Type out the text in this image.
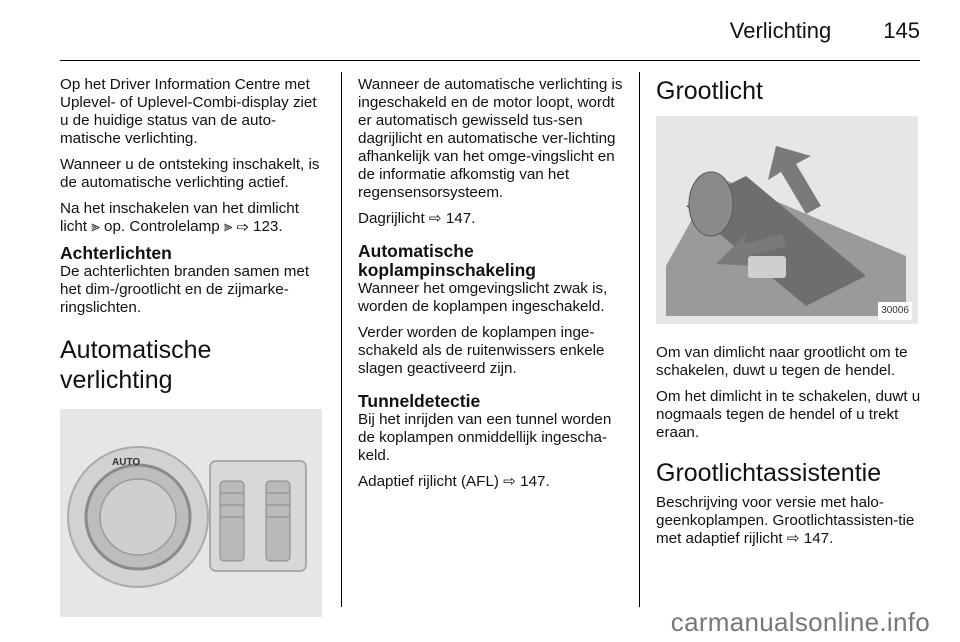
Verlichting 145

Op het Driver Information Centre met Uplevel- of Uplevel-Combi-display ziet u de huidige status van de auto-matische verlichting.

Wanneer u de ontsteking inschakelt, is de automatische verlichting actief.

Na het inschakelen van het dimlicht licht ⫸ op. Controlelamp ⫸ ⇨ 123.

Achterlichten

De achterlichten branden samen met het dim-/grootlicht en de zijmarke-ringslichten.

Automatische verlichting
AUTO

Wanneer de automatische verlichting is ingeschakeld en de motor loopt, wordt er automatisch gewisseld tus-sen dagrijlicht en automatische ver-lichting afhankelijk van het omge-vingslicht en de informatie afkomstig van het regensensorsysteem.

Dagrijlicht ⇨ 147.

Automatische koplampinschakeling

Wanneer het omgevingslicht zwak is, worden de koplampen ingeschakeld.

Verder worden de koplampen inge-schakeld als de ruitenwissers enkele slagen geactiveerd zijn.

Tunneldetectie

Bij het inrijden van een tunnel worden de koplampen onmiddellijk ingescha-keld.

Adaptief rijlicht (AFL) ⇨ 147.

Grootlicht
30006

Om van dimlicht naar grootlicht om te schakelen, duwt u tegen de hendel.

Om het dimlicht in te schakelen, duwt u nogmaals tegen de hendel of u trekt eraan.

Grootlichtassistentie

Beschrijving voor versie met halo-geenkoplampen. Grootlichtassisten-tie met adaptief rijlicht ⇨ 147.

carmanualsonline.info
